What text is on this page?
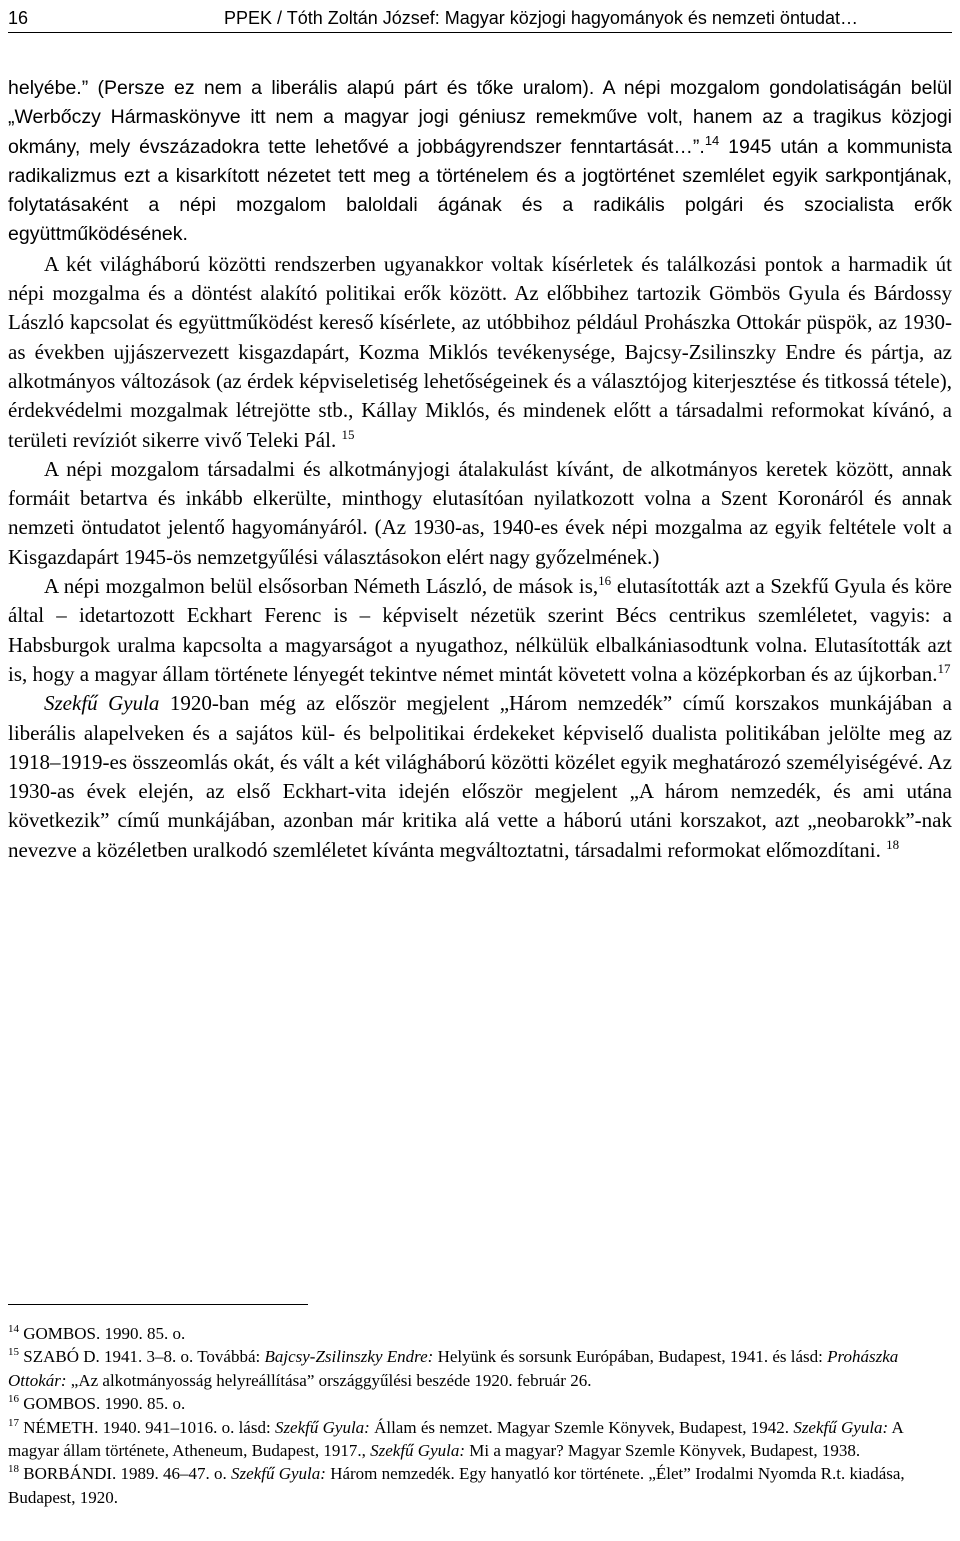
16	PPEK / Tóth Zoltán József: Magyar közjogi hagyományok és nemzeti öntudat…

helyébe.” (Persze ez nem a liberális alapú párt és tőke uralom). A népi mozgalom gondolatiságán belül „Werbőczy Hármaskönyve itt nem a magyar jogi géniusz remekműve volt, hanem az a tragikus közjogi okmány, mely évszázadokra tette lehetővé a jobbágyrendszer fenntartását…”.$^{14}$ 1945 után a kommunista radikalizmus ezt a kisarkított nézetet tett meg a történelem és a jogtörténet szemlélet egyik sarkpontjának, folytatásaként a népi mozgalom baloldali ágának és a radikális polgári és szocialista erők együttműködésének.

A két világháború közötti rendszerben ugyanakkor voltak kísérletek és találkozási pontok a harmadik út népi mozgalma és a döntést alakító politikai erők között. Az előbbihez tartozik Gömbös Gyula és Bárdossy László kapcsolat és együttműködést kereső kísérlete, az utóbbihoz például Prohászka Ottokár püspök, az 1930-as években ujjászervezett kisgazdapárt, Kozma Miklós tevékenysége, Bajcsy-Zsilinszky Endre és pártja, az alkotmányos változások (az érdek képviseletiség lehetőségeinek és a választójog kiterjesztése és titkossá tétele), érdekvédelmi mozgalmak létrejötte stb., Kállay Miklós, és mindenek előtt a társadalmi reformokat kívánó, a területi revíziót sikerre vivő Teleki Pál. $^{15}$

A népi mozgalom társadalmi és alkotmányjogi átalakulást kívánt, de alkotmányos keretek között, annak formáit betartva és inkább elkerülte, minthogy elutasítóan nyilatkozott volna a Szent Koronáról és annak nemzeti öntudatot jelentő hagyományáról. (Az 1930-as, 1940-es évek népi mozgalma az egyik feltétele volt a Kisgazdapárt 1945-ös nemzetgyűlési választásokon elért nagy győzelmének.)

A népi mozgalmon belül elsősorban Németh László, de mások is,$^{16}$ elutasították azt a Szekfű Gyula és köre által – idetartozott Eckhart Ferenc is – képviselt nézetük szerint Bécs centrikus szemléletet, vagyis: a Habsburgok uralma kapcsolta a magyarságot a nyugathoz, nélkülük elbalkániasodtunk volna. Elutasították azt is, hogy a magyar állam története lényegét tekintve német mintát követett volna a középkorban és az újkorban.$^{17}$

Szekfű Gyula 1920-ban még az először megjelent „Három nemzedék” című korszakos munkájában a liberális alapelveken és a sajátos kül- és belpolitikai érdekeket képviselő dualista politikában jelölte meg az 1918–1919-es összeomlás okát, és vált a két világháború közötti közélet egyik meghatározó személyiségévé. Az 1930-as évek elején, az első Eckhart-vita idején először megjelent „A három nemzedék, és ami utána következik” című munkájában, azonban már kritika alá vette a háború utáni korszakot, azt „neobarokk”-nak nevezve a közéletben uralkodó szemléletet kívánta megváltoztatni, társadalmi reformokat előmozdítani. $^{18}$

$^{14}$ GOMBOS. 1990. 85. o.

$^{15}$ SZABÓ D. 1941. 3–8. o. Továbbá: Bajcsy-Zsilinszky Endre: Helyünk és sorsunk Európában, Budapest, 1941. és lásd: Prohászka Ottokár: „Az alkotmányosság helyreállítása” országgyűlési beszéde 1920. február 26.

$^{16}$ GOMBOS. 1990. 85. o.

$^{17}$ NÉMETH. 1940. 941–1016. o. lásd: Szekfű Gyula: Állam és nemzet. Magyar Szemle Könyvek, Budapest, 1942. Szekfű Gyula: A magyar állam története, Atheneum, Budapest, 1917., Szekfű Gyula: Mi a magyar? Magyar Szemle Könyvek, Budapest, 1938.

$^{18}$ BORBÁNDI. 1989. 46–47. o. Szekfű Gyula: Három nemzedék. Egy hanyatló kor története. „Élet” Irodalmi Nyomda R.t. kiadása, Budapest, 1920.
